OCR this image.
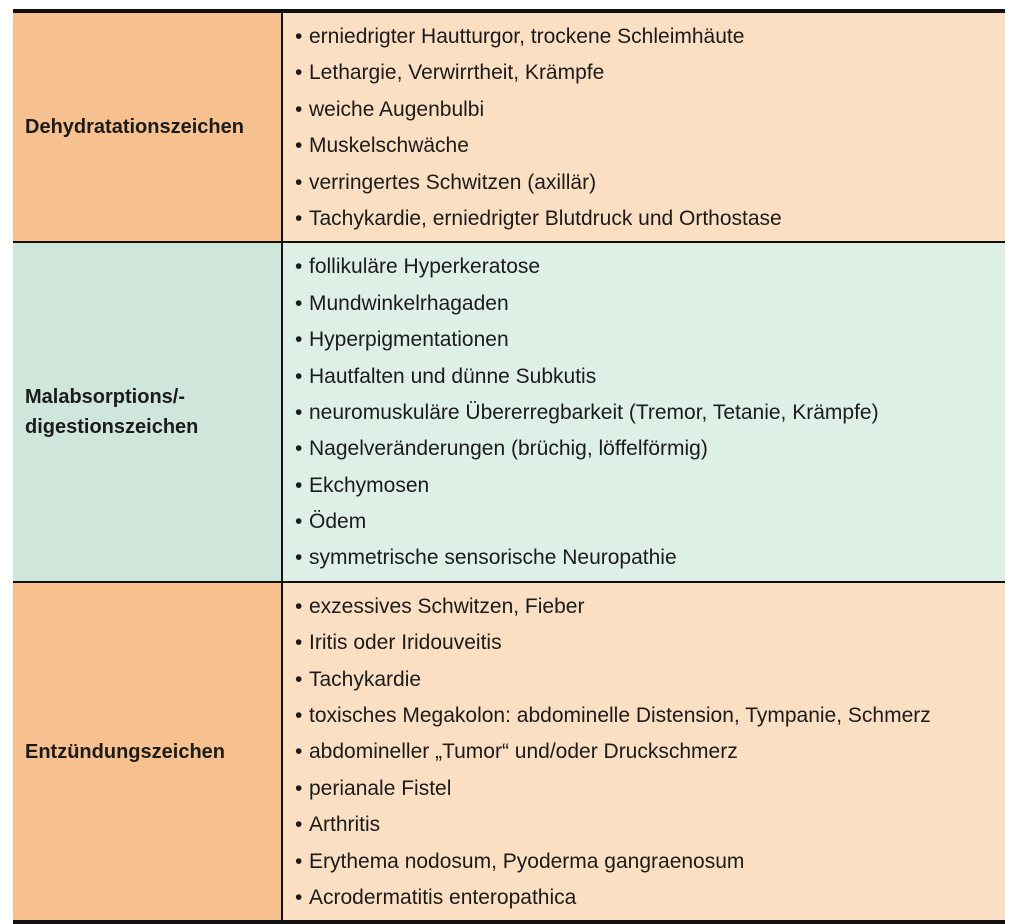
Dehydratationszeichen
• erniedrigter Hautturgor, trockene Schleimhäute
• Lethargie, Verwirrtheit, Krämpfe
• weiche Augenbulbi
• Muskelschwäche
• verringertes Schwitzen (axillär)
• Tachykardie, erniedrigter Blutdruck und Orthostase
Malabsorptions/-
digestionszeichen
• follikuläre Hyperkeratose
• Mundwinkelrhagaden
• Hyperpigmentationen
• Hautfalten und dünne Subkutis
• neuromuskuläre Übererregbarkeit (Tremor, Tetanie, Krämpfe)
• Nagelveränderungen (brüchig, löffelförmig)
• Ekchymosen
• Ödem
• symmetrische sensorische Neuropathie
Entzündungszeichen
• exzessives Schwitzen, Fieber
• Iritis oder Iridouveitis
• Tachykardie
• toxisches Megakolon: abdominelle Distension, Tympanie, Schmerz
• abdomineller „Tumor“ und/oder Druckschmerz
• perianale Fistel
• Arthritis
• Erythema nodosum, Pyoderma gangraenosum
• Acrodermatitis enteropathica
